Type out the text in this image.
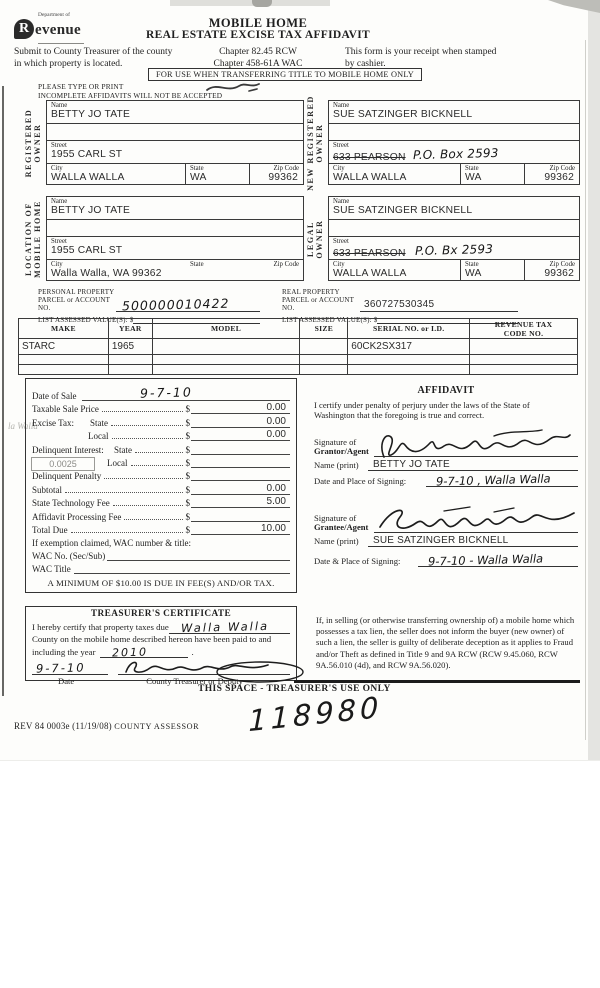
la Walla
Department of
R evenue	MOBILE HOME
REAL ESTATE EXCISE TAX AFFIDAVIT
Submit to County Treasurer of the county
in which property is located.
Chapter 82.45 RCW
Chapter 458-61A WAC
This form is your receipt when stamped
by cashier.
FOR USE WHEN TRANSFERRING TITLE TO MOBILE HOME ONLY
PLEASE TYPE OR PRINT
INCOMPLETE AFFIDAVITS WILL NOT BE ACCEPTED
REGISTERED OWNER	NEW REGISTERED OWNER
LOCATION OF MOBILE HOME	LEGAL OWNER
Name
BETTY JO TATE
Street
1955 CARL ST
City
WALLA WALLA
State
WA
Zip Code
99362
Name
SUE SATZINGER BICKNELL
Street
633 PEARSON P.O. Box 2593
City
WALLA WALLA
State
WA
Zip Code
99362
Name
BETTY JO TATE
Street
1955 CARL ST
City
Walla Walla, WA 99362
State	Zip Code
Name
SUE SATZINGER BICKNELL
Street
633 PEARSON P.O. Bx 2593
City
WALLA WALLA
State
WA
Zip Code
99362
PERSONAL PROPERTY
PARCEL or ACCOUNT NO.	500000010422
LIST ASSESSED VALUE(S): $
REAL PROPERTY
PARCEL or ACCOUNT NO.	360727530345
LIST ASSESSED VALUE(S): $
MAKE	YEAR	MODEL	SIZE	SERIAL NO. or I.D.	REVENUE TAX CODE NO.
STARC	1965			60CK2SX317	

0.0025
Date of Sale	9-7-10
Taxable Sale Price	$	0.00
Excise Tax:	State	$	0.00
Local	$	0.00
Delinquent Interest:	State	$
Local	$
Delinquent Penalty	$
Subtotal	$	0.00
State Technology Fee	$	5.00
Affidavit Processing Fee	$
Total Due	$	10.00
If exemption claimed, WAC number & title:
WAC No. (Sec/Sub)
WAC Title
A MINIMUM OF $10.00 IS DUE IN FEE(S) AND/OR TAX.
AFFIDAVIT
I certify under penalty of perjury under the laws of the State of
Washington that the foregoing is true and correct.
Signature of
Grantor/Agent
Name (print)	BETTY JO TATE
Date and Place of Signing:	9-7-10 , Walla Walla
Signature of
Grantee/Agent
Name (print)	SUE SATZINGER BICKNELL
Date & Place of Signing:	9-7-10 - Walla Walla
TREASURER'S CERTIFICATE
I hereby certify that property taxes due Walla Walla
County on the mobile home described hereon have been paid to and
including the year 2010	.
9-7-10
Date	County Treasurer or Deputy
If, in selling (or otherwise transferring ownership of) a mobile home which possesses a tax lien, the seller does not inform the buyer (new owner) of such a lien, the seller is guilty of deliberate deception as it applies to Fraud and/or Theft as defined in Title 9 and 9A RCW (RCW 9.45.060, RCW 9A.56.010 (4d), and RCW 9A.56.020).
THIS SPACE - TREASURER'S USE ONLY
REV 84 0003e (11/19/08) COUNTY ASSESSOR 118980
